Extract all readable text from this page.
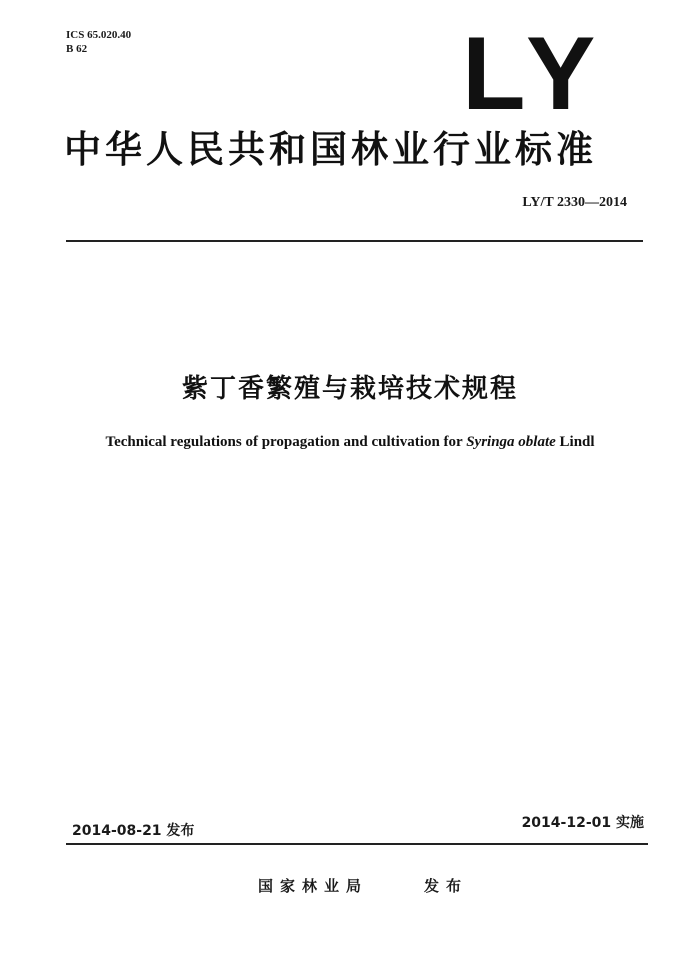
ICS 65.020.40
B 62	LY
中华人民共和国林业行业标准
LY/T 2330—2014
紫丁香繁殖与栽培技术规程
Technical regulations of propagation and cultivation for Syringa oblate Lindl
2014-08-21 发布	2014-12-01 实施
国家林业局	发布
